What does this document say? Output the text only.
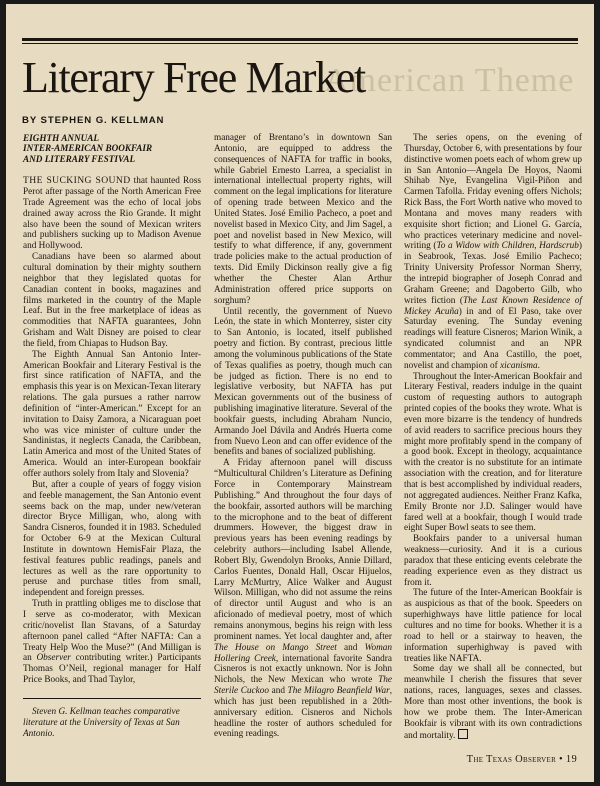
American Theme
Literary Free Market
BY STEPHEN G. KELLMAN
EIGHTH ANNUAL
INTER-AMERICAN BOOKFAIR
AND LITERARY FESTIVAL

THE SUCKING SOUND that haunted Ross Perot after passage of the North American Free Trade Agreement was the echo of local jobs drained away across the Rio Grande. It might also have been the sound of Mexican writers and publishers sucking up to Madison Avenue and Hollywood.

Canadians have been so alarmed about cultural domination by their mighty southern neighbor that they legislated quotas for Canadian content in books, magazines and films marketed in the country of the Maple Leaf. But in the free marketplace of ideas as commodities that NAFTA guarantees, John Grisham and Walt Disney are poised to clear the field, from Chiapas to Hudson Bay.

The Eighth Annual San Antonio Inter-American Bookfair and Literary Festival is the first since ratification of NAFTA, and the emphasis this year is on Mexican-Texan literary relations. The gala pursues a rather narrow definition of “inter-American.” Except for an invitation to Daisy Zamora, a Nicaraguan poet who was vice minister of culture under the Sandinistas, it neglects Canada, the Caribbean, Latin America and most of the United States of America. Would an inter-European bookfair offer authors solely from Italy and Slovenia?

But, after a couple of years of foggy vision and feeble management, the San Antonio event seems back on the map, under new/veteran director Bryce Milligan, who, along with Sandra Cisneros, founded it in 1983. Scheduled for October 6-9 at the Mexican Cultural Institute in downtown HemisFair Plaza, the festival features public readings, panels and lectures as well as the rare opportunity to peruse and purchase titles from small, independent and foreign presses.

Truth in prattling obliges me to disclose that I serve as co-moderator, with Mexican critic/novelist Ilan Stavans, of a Saturday afternoon panel called “After NAFTA: Can a Treaty Help Woo the Muse?” (And Milligan is an Observer contributing writer.) Participants Thomas O’Neil, regional manager for Half Price Books, and Thad Taylor,

Steven G. Kellman teaches comparative literature at the University of Texas at San Antonio.

manager of Brentano’s in downtown San Antonio, are equipped to address the consequences of NAFTA for traffic in books, while Gabriel Ernesto Larrea, a specialist in international intellectual property rights, will comment on the legal implications for literature of opening trade between Mexico and the United States. José Emilio Pacheco, a poet and novelist based in Mexico City, and Jim Sagel, a poet and novelist based in New Mexico, will testify to what difference, if any, government trade policies make to the actual production of texts. Did Emily Dickinson really give a fig whether the Chester Alan Arthur Administration offered price supports on sorghum?

Until recently, the government of Nuevo León, the state in which Monterrey, sister city to San Antonio, is located, itself published poetry and fiction. By contrast, precious little among the voluminous publications of the State of Texas qualifies as poetry, though much can be judged as fiction. There is no end to legislative verbosity, but NAFTA has put Mexican governments out of the business of publishing imaginative literature. Several of the bookfair guests, including Abraham Nuncio, Armando Joel Dávila and Andrés Huerta come from Nuevo Leon and can offer evidence of the benefits and banes of socialized publishing.

A Friday afternoon panel will discuss “Multicultural Children’s Literature as Defining Force in Contemporary Mainstream Publishing.” And throughout the four days of the bookfair, assorted authors will be marching to the microphone and to the beat of different drummers. However, the biggest draw in previous years has been evening readings by celebrity authors—including Isabel Allende, Robert Bly, Gwendolyn Brooks, Annie Dillard, Carlos Fuentes, Donald Hall, Oscar Hijuelos, Larry McMurtry, Alice Walker and August Wilson. Milligan, who did not assume the reins of director until August and who is an aficionado of medieval poetry, most of which remains anonymous, begins his reign with less prominent names. Yet local daughter and, after The House on Mango Street and Woman Hollering Creek, international favorite Sandra Cisneros is not exactly unknown. Nor is John Nichols, the New Mexican who wrote The Sterile Cuckoo and The Milagro Beanfield War, which has just been republished in a 20th-anniversary edition. Cisneros and Nichols headline the roster of authors scheduled for evening readings.

The series opens, on the evening of Thursday, October 6, with presentations by four distinctive women poets each of whom grew up in San Antonio—Angela De Hoyos, Naomi Shihab Nye, Evangelina Vigil-Piñon and Carmen Tafolla. Friday evening offers Nichols; Rick Bass, the Fort Worth native who moved to Montana and moves many readers with exquisite short fiction; and Lionel G. García, who practices veterinary medicine and novel-writing (To a Widow with Children, Hardscrub) in Seabrook, Texas. José Emilio Pacheco; Trinity University Professor Norman Sherry, the intrepid biographer of Joseph Conrad and Graham Greene; and Dagoberto Gilb, who writes fiction (The Last Known Residence of Mickey Acuña) in and of El Paso, take over Saturday evening. The Sunday evening readings will feature Cisneros; Marion Winik, a syndicated columnist and an NPR commentator; and Ana Castillo, the poet, novelist and champion of xicanisma.

Throughout the Inter-American Bookfair and Literary Festival, readers indulge in the quaint custom of requesting authors to autograph printed copies of the books they wrote. What is even more bizarre is the tendency of hundreds of avid readers to sacrifice precious hours they might more profitably spend in the company of a good book. Except in theology, acquaintance with the creator is no substitute for an intimate association with the creation, and for literature that is best accomplished by individual readers, not aggregated audiences. Neither Franz Kafka, Emily Bronte nor J.D. Salinger would have fared well at a bookfair, though I would trade eight Super Bowl seats to see them.

Bookfairs pander to a universal human weakness—curiosity. And it is a curious paradox that these enticing events celebrate the reading experience even as they distract us from it.

The future of the Inter-American Bookfair is as auspicious as that of the book. Speeders on superhighways have little patience for local cultures and no time for books. Whether it is a road to hell or a stairway to heaven, the information superhighway is paved with treaties like NAFTA.

Some day we shall all be connected, but meanwhile I cherish the fissures that sever nations, races, languages, sexes and classes. More than most other inventions, the book is how we probe them. The Inter-American Bookfair is vibrant with its own contradictions and mortality.

The Texas Observer • 19
